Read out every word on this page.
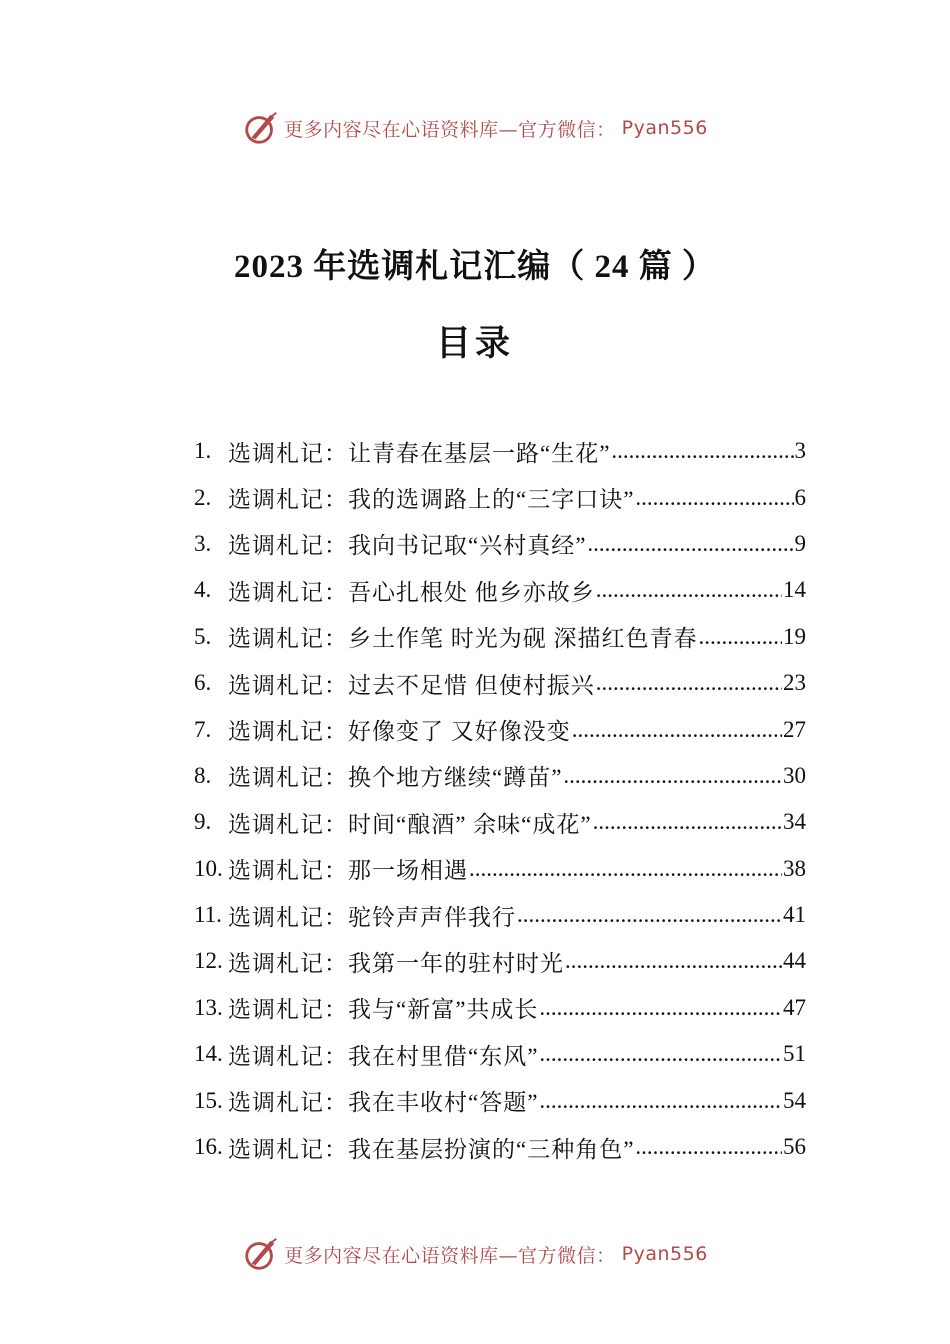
更多内容尽在心语资料库—官方微信： Pyan556
2023 年选调札记汇编（ 24 篇 ）
目录
1. 选调札记：让青春在基层一路“生花” .....	3
2. 选调札记：我的选调路上的“三字口诀” .....	6
3. 选调札记：我向书记取“兴村真经” .....	9
4. 选调札记：吾心扎根处 他乡亦故乡 .....	14
5. 选调札记：乡土作笔 时光为砚 深描红色青春 .....	19
6. 选调札记：过去不足惜 但使村振兴 .....	23
7. 选调札记：好像变了 又好像没变 .....	27
8. 选调札记：换个地方继续“蹲苗” .....	30
9. 选调札记：时间“酿酒” 余味“成花” .....	34
10. 选调札记：那一场相遇 .....	38
11. 选调札记：驼铃声声伴我行 .....	41
12. 选调札记：我第一年的驻村时光 .....	44
13. 选调札记：我与“新富”共成长 .....	47
14. 选调札记：我在村里借“东风” .....	51
15. 选调札记：我在丰收村“答题” .....	54
16. 选调札记：我在基层扮演的“三种角色” .....	56
更多内容尽在心语资料库—官方微信： Pyan556
